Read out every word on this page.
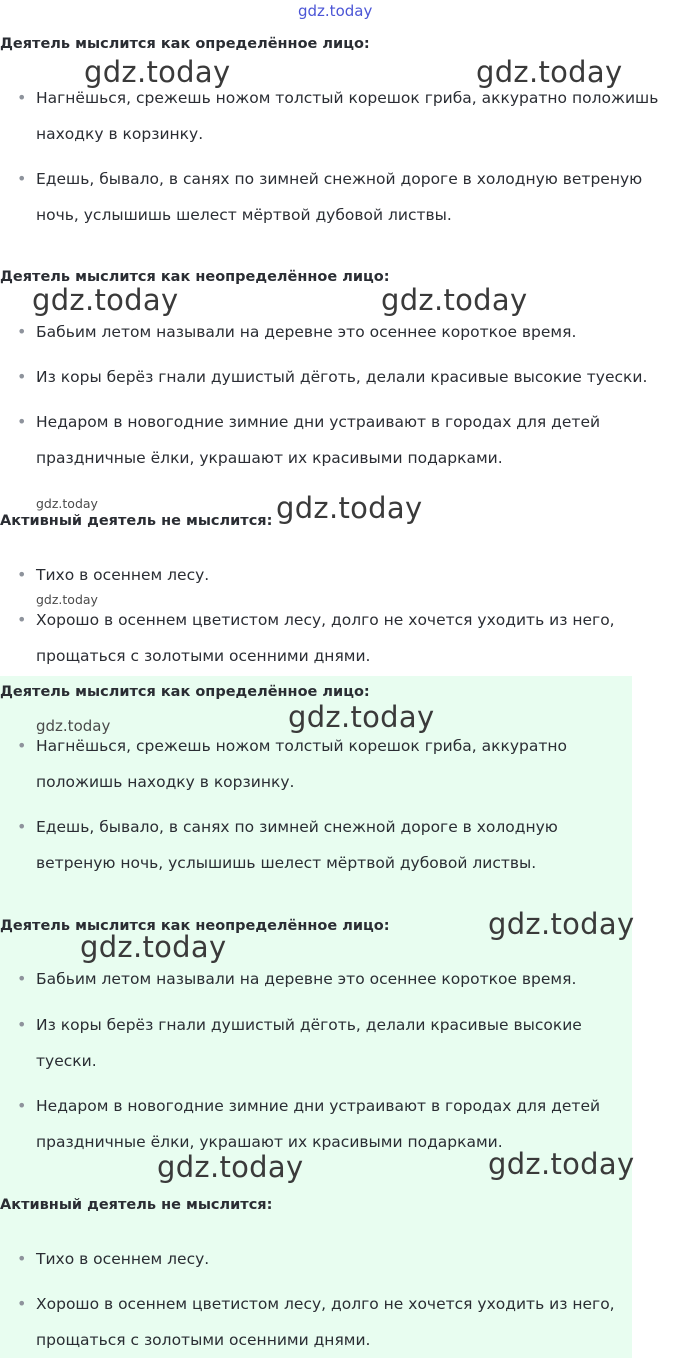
gdz.today
Деятель мыслится как определённое лицо:
• Нагнёшься, срежешь ножом толстый корешок гриба, аккуратно положишь
находку в корзинку.
• Едешь, бывало, в санях по зимней снежной дороге в холодную ветреную
ночь, услышишь шелест мёртвой дубовой листвы.
Деятель мыслится как неопределённое лицо:
• Бабьим летом называли на деревне это осеннее короткое время.
• Из коры берёз гнали душистый дёготь, делали красивые высокие туески.
• Недаром в новогодние зимние дни устраивают в городах для детей
праздничные ёлки, украшают их красивыми подарками.
Активный деятель не мыслится:
• Тихо в осеннем лесу.
• Хорошо в осеннем цветистом лесу, долго не хочется уходить из него,
прощаться с золотыми осенними днями.
Деятель мыслится как определённое лицо:
• Нагнёшься, срежешь ножом толстый корешок гриба, аккуратно
положишь находку в корзинку.
• Едешь, бывало, в санях по зимней снежной дороге в холодную
ветреную ночь, услышишь шелест мёртвой дубовой листвы.
Деятель мыслится как неопределённое лицо:
• Бабьим летом называли на деревне это осеннее короткое время.
• Из коры берёз гнали душистый дёготь, делали красивые высокие
туески.
• Недаром в новогодние зимние дни устраивают в городах для детей
праздничные ёлки, украшают их красивыми подарками.
Активный деятель не мыслится:
• Тихо в осеннем лесу.
• Хорошо в осеннем цветистом лесу, долго не хочется уходить из него,
прощаться с золотыми осенними днями.
gdz.today	gdz.today
gdz.today	gdz.today
gdz.today	gdz.today
gdz.today
gdz.today	gdz.today
gdz.today
gdz.today
gdz.today	gdz.today
